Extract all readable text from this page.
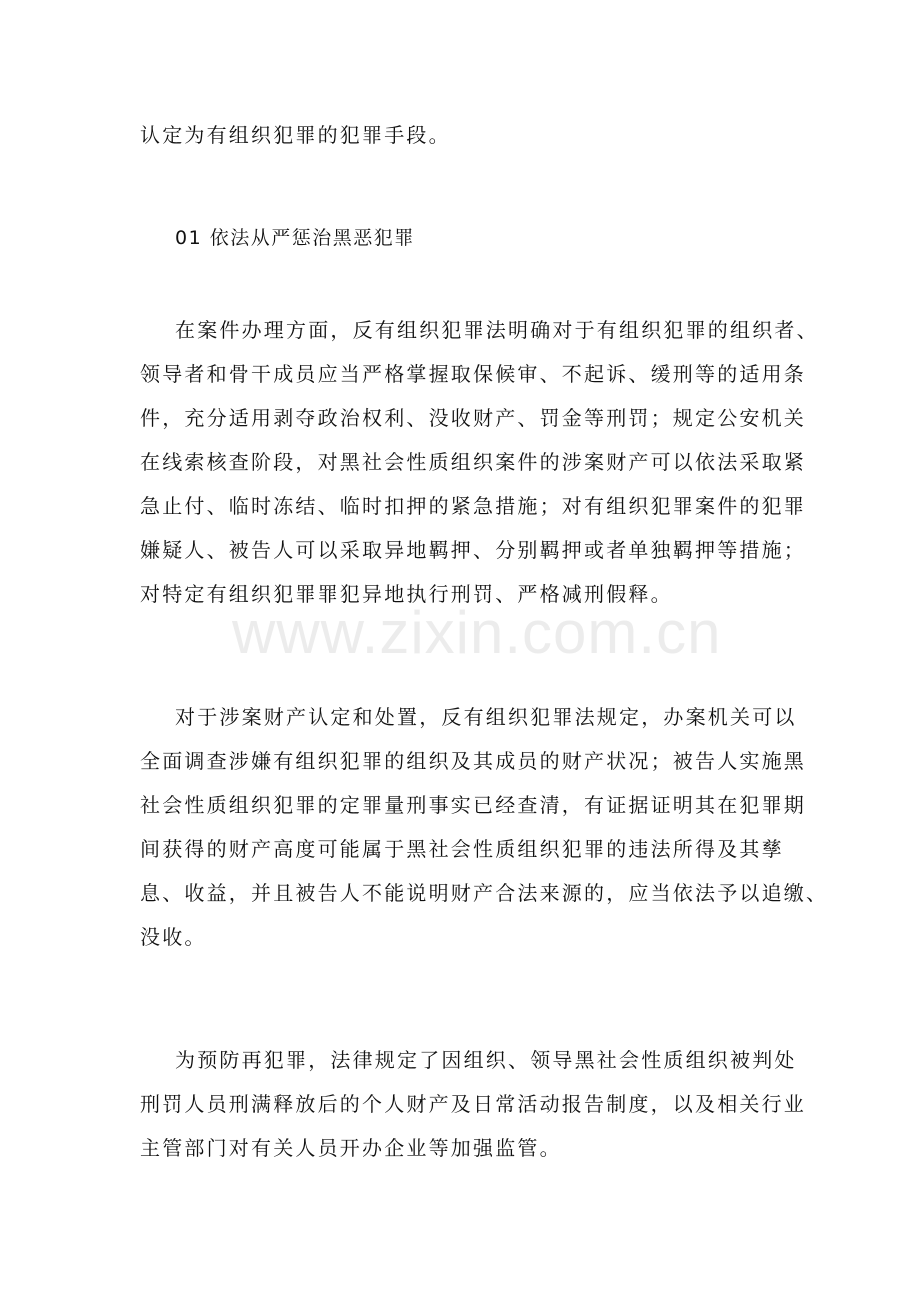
认定为有组织犯罪的犯罪手段。
01 依法从严惩治黑恶犯罪
在案件办理方面，反有组织犯罪法明确对于有组织犯罪的组织者、
领导者和骨干成员应当严格掌握取保候审、不起诉、缓刑等的适用条
件，充分适用剥夺政治权利、没收财产、罚金等刑罚；规定公安机关
在线索核查阶段，对黑社会性质组织案件的涉案财产可以依法采取紧
急止付、临时冻结、临时扣押的紧急措施；对有组织犯罪案件的犯罪
嫌疑人、被告人可以采取异地羁押、分别羁押或者单独羁押等措施；
对特定有组织犯罪罪犯异地执行刑罚、严格减刑假释。
对于涉案财产认定和处置，反有组织犯罪法规定，办案机关可以
全面调查涉嫌有组织犯罪的组织及其成员的财产状况；被告人实施黑
社会性质组织犯罪的定罪量刑事实已经查清，有证据证明其在犯罪期
间获得的财产高度可能属于黑社会性质组织犯罪的违法所得及其孳
息、收益，并且被告人不能说明财产合法来源的，应当依法予以追缴、
没收。
为预防再犯罪，法律规定了因组织、领导黑社会性质组织被判处
刑罚人员刑满释放后的个人财产及日常活动报告制度，以及相关行业
主管部门对有关人员开办企业等加强监管。
www.zixin.com.cn
